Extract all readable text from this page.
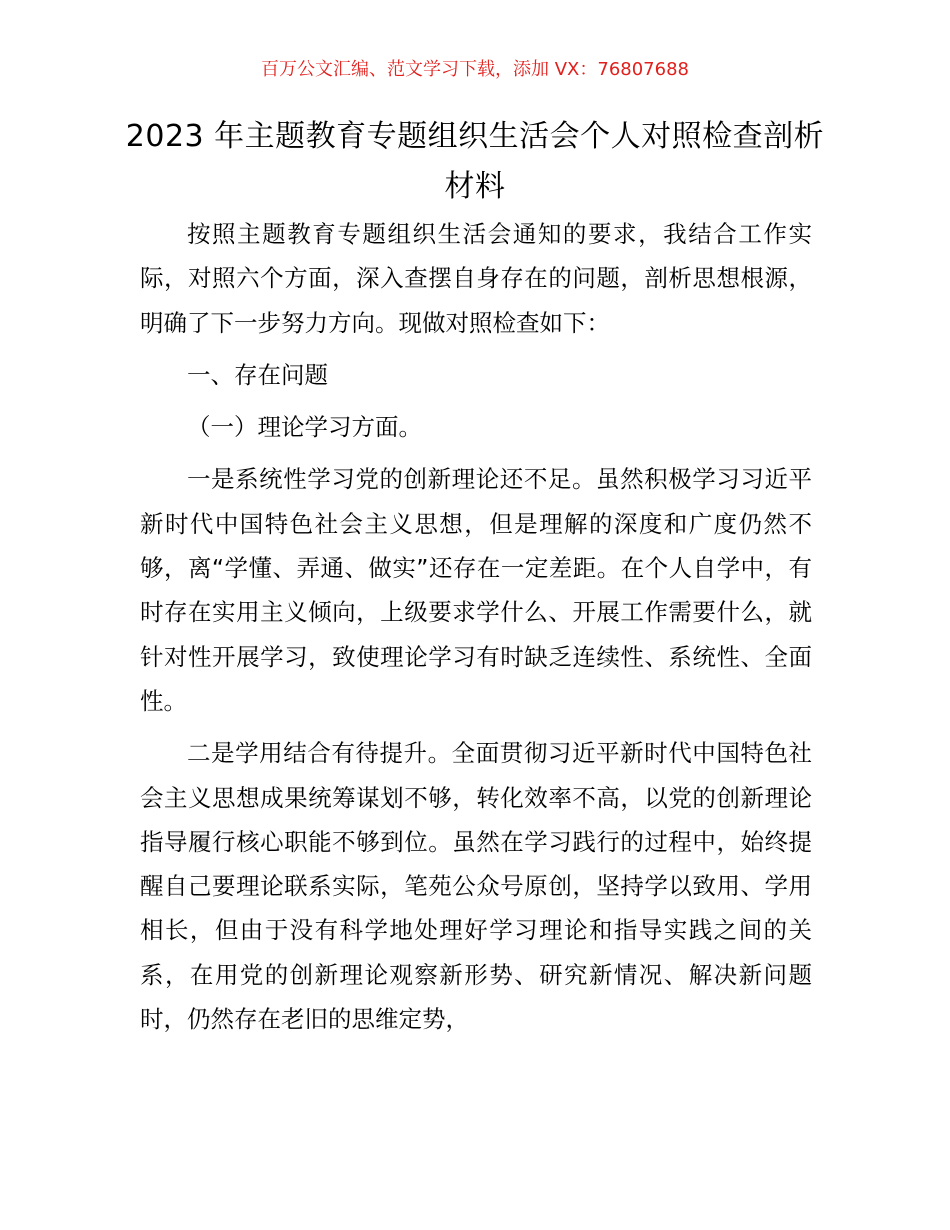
百万公文汇编、范文学习下载，添加 VX：76807688
2023 年主题教育专题组织生活会个人对照检查剖析材料

按照主题教育专题组织生活会通知的要求，我结合工作实际，对照六个方面，深入查摆自身存在的问题，剖析思想根源，明确了下一步努力方向。现做对照检查如下：

一、存在问题

（一）理论学习方面。

一是系统性学习党的创新理论还不足。虽然积极学习习近平新时代中国特色社会主义思想，但是理解的深度和广度仍然不够，离“学懂、弄通、做实”还存在一定差距。在个人自学中，有时存在实用主义倾向，上级要求学什么、开展工作需要什么，就针对性开展学习，致使理论学习有时缺乏连续性、系统性、全面性。

二是学用结合有待提升。全面贯彻习近平新时代中国特色社会主义思想成果统筹谋划不够，转化效率不高，以党的创新理论指导履行核心职能不够到位。虽然在学习践行的过程中，始终提醒自己要理论联系实际，笔苑公众号原创，坚持学以致用、学用相长，但由于没有科学地处理好学习理论和指导实践之间的关系，在用党的创新理论观察新形势、研究新情况、解决新问题时，仍然存在老旧的思维定势，
